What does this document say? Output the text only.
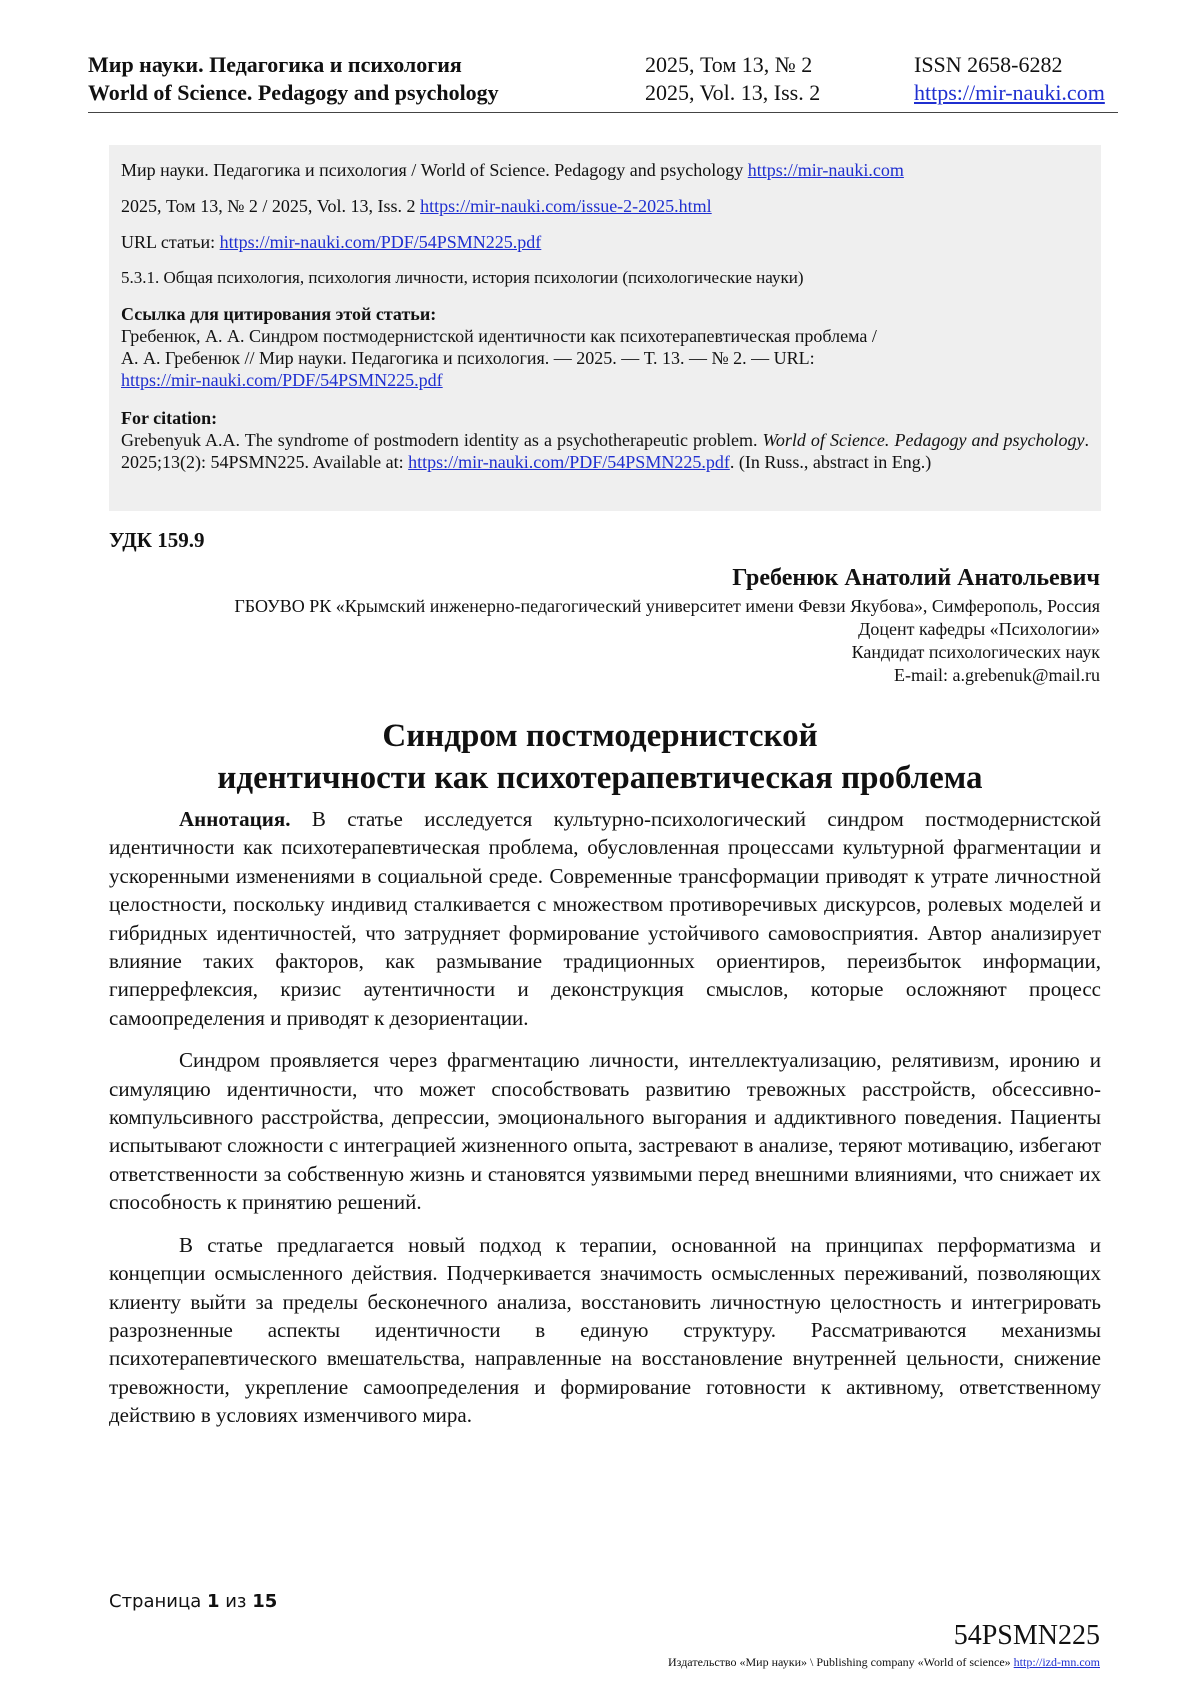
Мир науки. Педагогика и психология	2025, Том 13, № 2	ISSN 2658-6282
World of Science. Pedagogy and psychology	2025, Vol. 13, Iss. 2	https://mir-nauki.com

Мир науки. Педагогика и психология / World of Science. Pedagogy and psychology https://mir-nauki.com

2025, Том 13, № 2 / 2025, Vol. 13, Iss. 2 https://mir-nauki.com/issue-2-2025.html

URL статьи: https://mir-nauki.com/PDF/54PSMN225.pdf

5.3.1. Общая психология, психология личности, история психологии (психологические науки)

Ссылка для цитирования этой статьи:
Гребенюк, А. А. Синдром постмодернистской идентичности как психотерапевтическая проблема /
А. А. Гребенюк // Мир науки. Педагогика и психология. — 2025. — Т. 13. — № 2. — URL:
https://mir-nauki.com/PDF/54PSMN225.pdf
For citation:
Grebenyuk A.A. The syndrome of postmodern identity as a psychotherapeutic problem. World of Science. Pedagogy and psychology. 2025;13(2): 54PSMN225. Available at: https://mir-nauki.com/PDF/54PSMN225.pdf. (In Russ., abstract in Eng.)
УДК 159.9
Гребенюк Анатолий Анатольевич
ГБОУВО РК «Крымский инженерно-педагогический университет имени Февзи Якубова», Симферополь, Россия
Доцент кафедры «Психологии»
Кандидат психологических наук
E-mail: a.grebenuk@mail.ru
Синдром постмодернистской
идентичности как психотерапевтическая проблема

Аннотация. В статье исследуется культурно-психологический синдром постмодернистской идентичности как психотерапевтическая проблема, обусловленная процессами культурной фрагментации и ускоренными изменениями в социальной среде. Современные трансформации приводят к утрате личностной целостности, поскольку индивид сталкивается с множеством противоречивых дискурсов, ролевых моделей и гибридных идентичностей, что затрудняет формирование устойчивого самовосприятия. Автор анализирует влияние таких факторов, как размывание традиционных ориентиров, переизбыток информации, гиперрефлексия, кризис аутентичности и деконструкция смыслов, которые осложняют процесс самоопределения и приводят к дезориентации.

Синдром проявляется через фрагментацию личности, интеллектуализацию, релятивизм, иронию и симуляцию идентичности, что может способствовать развитию тревожных расстройств, обсессивно-компульсивного расстройства, депрессии, эмоционального выгорания и аддиктивного поведения. Пациенты испытывают сложности с интеграцией жизненного опыта, застревают в анализе, теряют мотивацию, избегают ответственности за собственную жизнь и становятся уязвимыми перед внешними влияниями, что снижает их способность к принятию решений.

В статье предлагается новый подход к терапии, основанной на принципах перформатизма и концепции осмысленного действия. Подчеркивается значимость осмысленных переживаний, позволяющих клиенту выйти за пределы бесконечного анализа, восстановить личностную целостность и интегрировать разрозненные аспекты идентичности в единую структуру. Рассматриваются механизмы психотерапевтического вмешательства, направленные на восстановление внутренней цельности, снижение тревожности, укрепление самоопределения и формирование готовности к активному, ответственному действию в условиях изменчивого мира.

Страница 1 из 15
54PSMN225
Издательство «Мир науки» \ Publishing company «World of science» http://izd-mn.com
